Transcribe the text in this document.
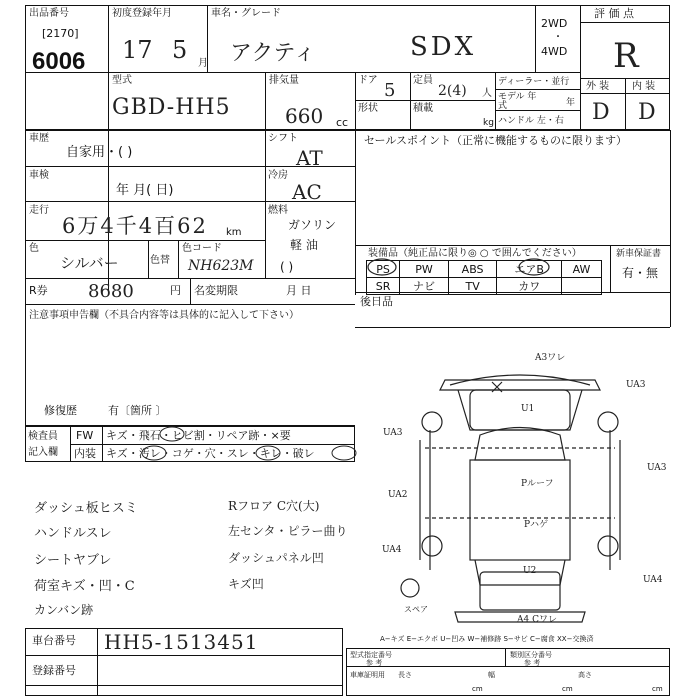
出品番号
[2170]
6006
初度登録年月
17 5 月
車名・グレード
アクティ	SDX
2WD
・
4WD
評 価 点
R
外 装 内 装
D D
型式
GBD-HH5
排気量
660 cc
ドア 5 定員
2(4) 人
形状	積載
kg
ディーラー・並行
モデル 年式	年
ハンドル 左・右
車歴
自家用・( )
シフト
AT
車検
年 月( 日)
冷房
AC
走行
6万4千4百62 km
燃料
ガソリン
軽 油
( )
色
シルバー	色替
色コード
NH623M
R券 8680	円 名変期限	月 日
セールスポイント（正常に機能するものに限ります）
装備品（純正品に限り◎ ○ で囲んでください）	新車保証書
有・無
PS	PW	ABS	エアB	AW
SR	ナビ	TV	カワ	
後日品
注意事項申告欄（不具合内容等は具体的に記入して下さい）
修復歴	有〔箇所 〕
検査員
記入欄
FW キズ・飛石・ヒビ割・リペア跡・×要
内装 キズ・汚レ・コゲ・穴・スレ・キレ・破レ
ダッシュ板ヒスミ
ハンドルスレ
シートヤブレ
荷室キズ・凹・C
カンバン跡
Rフロア C穴(大)
左センタ・ピラー曲り
ダッシュパネル凹
キズ凹
A3ワレ
UA3
U1
UA3
UA2
UA3
Pルーフ
Pハゲ
UA4
U2
UA4
A4 Cワレ
スペア
A−キズ E−エクボ U−凹み W−補修跡 S−サビ C−腐食 XX−交換済
車台番号 HH5-1513451
登録番号
型式指定番号
参 考
類別区分番号
参 考
車庫証明用 長さ	幅	高さ
cm	cm	cm
